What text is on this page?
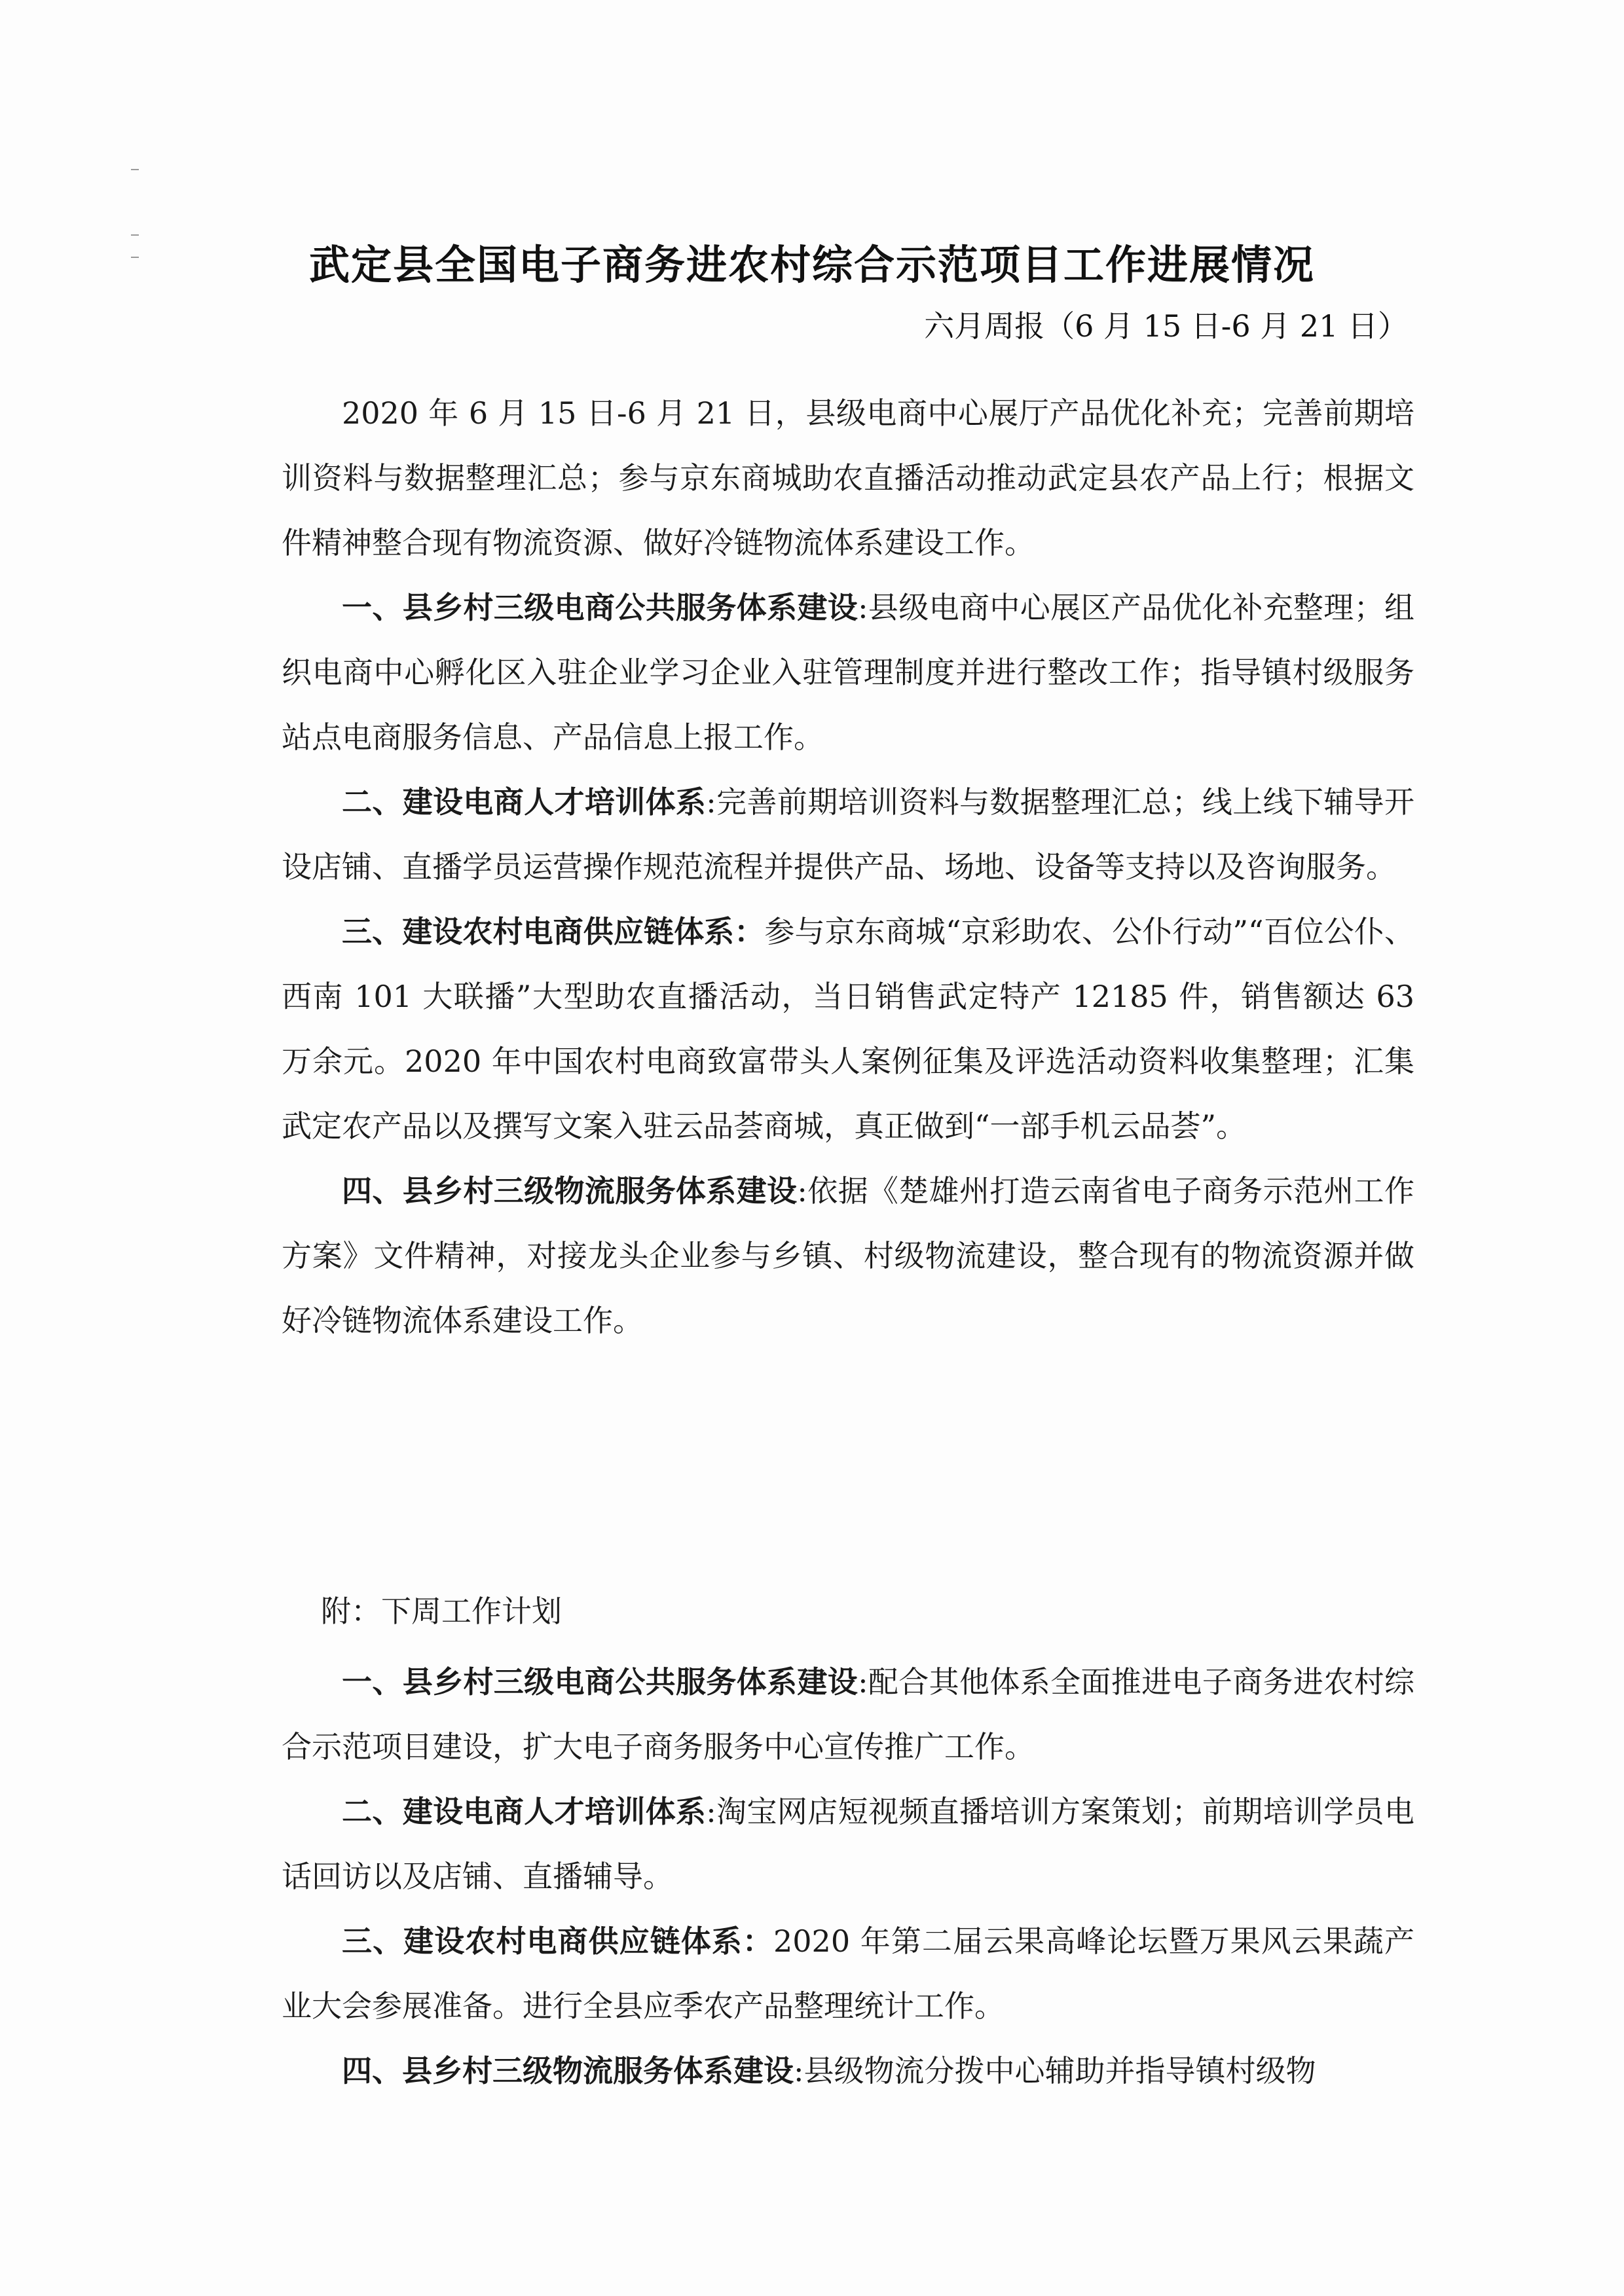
武定县全国电子商务进农村综合示范项目工作进展情况
六月周报（6 月 15 日-6 月 21 日）

2020 年 6 月 15 日-6 月 21 日，县级电商中心展厅产品优化补充；完善前期培训资料与数据整理汇总；参与京东商城助农直播活动推动武定县农产品上行；根据文件精神整合现有物流资源、做好冷链物流体系建设工作。

一、县乡村三级电商公共服务体系建设:县级电商中心展区产品优化补充整理；组织电商中心孵化区入驻企业学习企业入驻管理制度并进行整改工作；指导镇村级服务站点电商服务信息、产品信息上报工作。

二、建设电商人才培训体系:完善前期培训资料与数据整理汇总；线上线下辅导开设店铺、直播学员运营操作规范流程并提供产品、场地、设备等支持以及咨询服务。

三、建设农村电商供应链体系：参与京东商城“京彩助农、公仆行动”“百位公仆、西南 101 大联播”大型助农直播活动，当日销售武定特产 12185 件，销售额达 63 万余元。2020 年中国农村电商致富带头人案例征集及评选活动资料收集整理；汇集武定农产品以及撰写文案入驻云品荟商城，真正做到“一部手机云品荟”。

四、县乡村三级物流服务体系建设:依据《楚雄州打造云南省电子商务示范州工作方案》文件精神，对接龙头企业参与乡镇、村级物流建设，整合现有的物流资源并做好冷链物流体系建设工作。

附：下周工作计划

一、县乡村三级电商公共服务体系建设:配合其他体系全面推进电子商务进农村综合示范项目建设，扩大电子商务服务中心宣传推广工作。

二、建设电商人才培训体系:淘宝网店短视频直播培训方案策划；前期培训学员电话回访以及店铺、直播辅导。

三、建设农村电商供应链体系：2020 年第二届云果高峰论坛暨万果风云果蔬产业大会参展准备。进行全县应季农产品整理统计工作。

四、县乡村三级物流服务体系建设:县级物流分拨中心辅助并指导镇村级物
